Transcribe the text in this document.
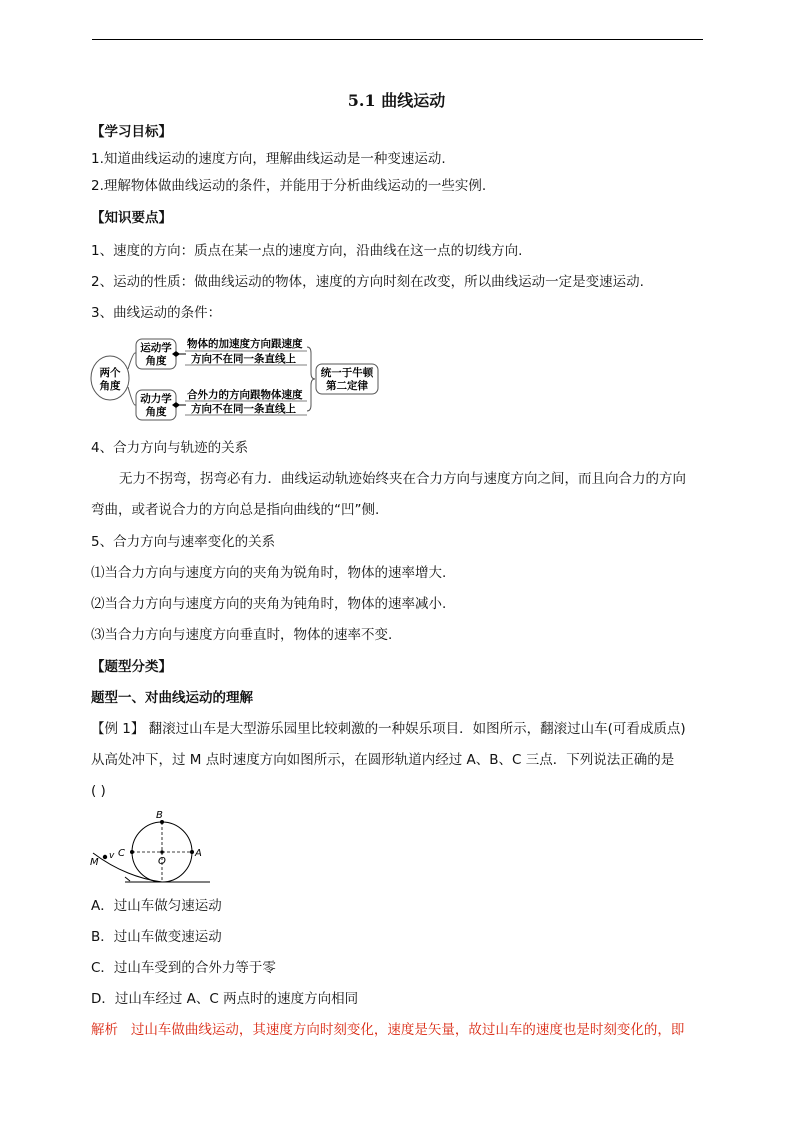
5.1 曲线运动
【学习目标】
1.知道曲线运动的速度方向，理解曲线运动是一种变速运动.
2.理解物体做曲线运动的条件，并能用于分析曲线运动的一些实例.
【知识要点】
1、速度的方向：质点在某一点的速度方向，沿曲线在这一点的切线方向.
2、运动的性质：做曲线运动的物体，速度的方向时刻在改变，所以曲线运动一定是变速运动.
3、曲线运动的条件：
两个
角度
运动学
角度
动力学
角度
物体的加速度方向跟速度
方向不在同一条直线上
合外力的方向跟物体速度
方向不在同一条直线上
统一于牛顿
第二定律
4、合力方向与轨迹的关系
无力不拐弯，拐弯必有力．曲线运动轨迹始终夹在合力方向与速度方向之间，而且向合力的方向
弯曲，或者说合力的方向总是指向曲线的“凹”侧.
5、合力方向与速率变化的关系
⑴当合力方向与速度方向的夹角为锐角时，物体的速率增大.
⑵当合力方向与速度方向的夹角为钝角时，物体的速率减小.
⑶当合力方向与速度方向垂直时，物体的速率不变.
【题型分类】
题型一、对曲线运动的理解
【例 1】 翻滚过山车是大型游乐园里比较刺激的一种娱乐项目．如图所示，翻滚过山车(可看成质点)
从高处冲下，过 M 点时速度方向如图所示，在圆形轨道内经过 A、B、C 三点．下列说法正确的是
( )
B
C
O
A
M
v
A．过山车做匀速运动
B．过山车做变速运动
C．过山车受到的合外力等于零
D．过山车经过 A、C 两点时的速度方向相同
解析 过山车做曲线运动，其速度方向时刻变化，速度是矢量，故过山车的速度也是时刻变化的，即
